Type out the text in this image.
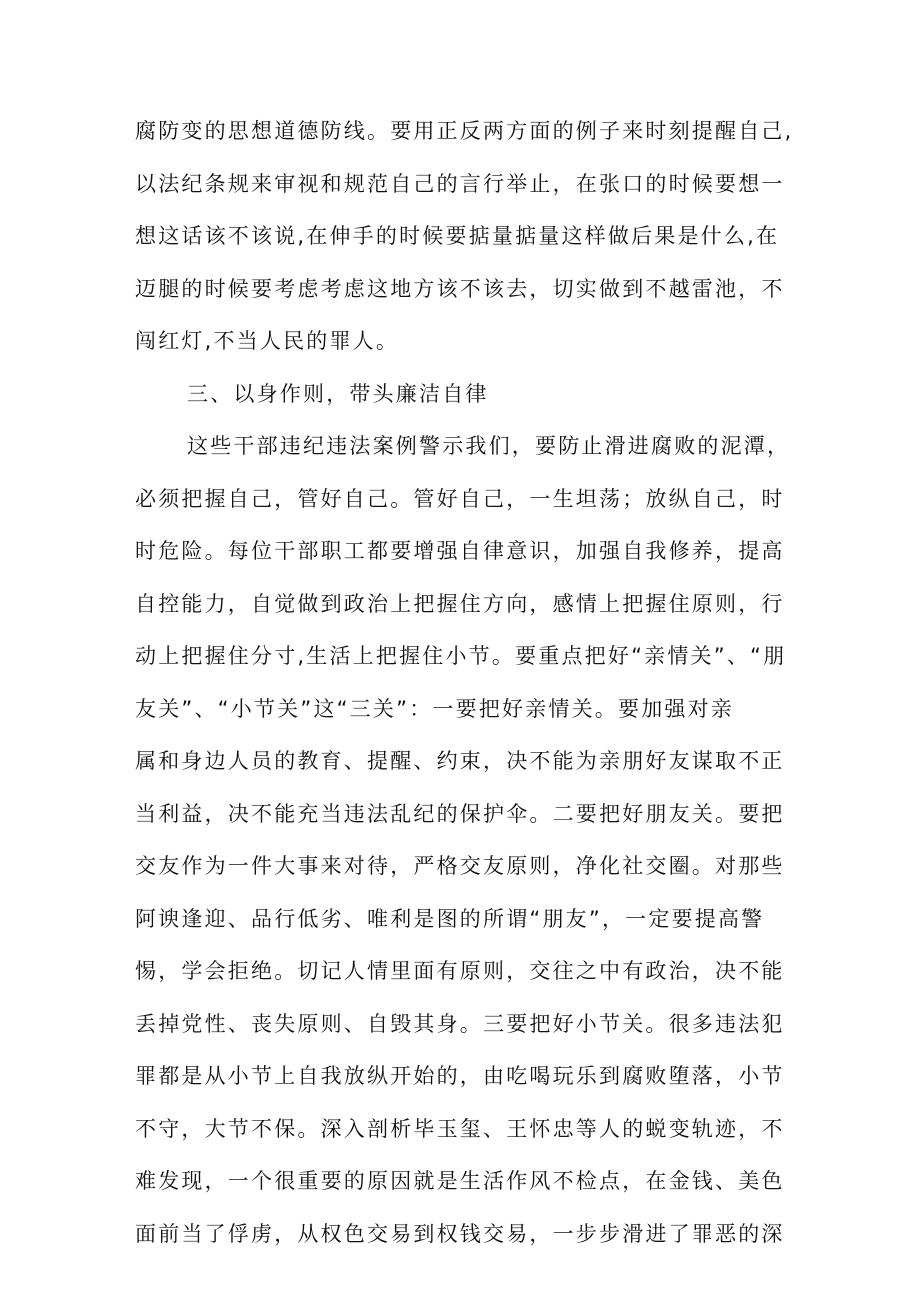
腐防变的思想道德防线。要用正反两方面的例子来时刻提醒自己,
以法纪条规来审视和规范自己的言行举止，在张口的时候要想一
想这话该不该说,在伸手的时候要掂量掂量这样做后果是什么,在
迈腿的时候要考虑考虑这地方该不该去，切实做到不越雷池，不
闯红灯,不当人民的罪人。
三、以身作则，带头廉洁自律
这些干部违纪违法案例警示我们，要防止滑进腐败的泥潭，
必须把握自己，管好自己。管好自己，一生坦荡；放纵自己，时
时危险。每位干部职工都要增强自律意识，加强自我修养，提高
自控能力，自觉做到政治上把握住方向，感情上把握住原则，行
动上把握住分寸,生活上把握住小节。要重点把好“亲情关”、“朋
友关”、“小节关”这“三关”：一要把好亲情关。要加强对亲
属和身边人员的教育、提醒、约束，决不能为亲朋好友谋取不正
当利益，决不能充当违法乱纪的保护伞。二要把好朋友关。要把
交友作为一件大事来对待，严格交友原则，净化社交圈。对那些
阿谀逢迎、品行低劣、唯利是图的所谓“朋友”，一定要提高警
惕，学会拒绝。切记人情里面有原则，交往之中有政治，决不能
丢掉党性、丧失原则、自毁其身。三要把好小节关。很多违法犯
罪都是从小节上自我放纵开始的，由吃喝玩乐到腐败堕落，小节
不守，大节不保。深入剖析毕玉玺、王怀忠等人的蜕变轨迹，不
难发现，一个很重要的原因就是生活作风不检点，在金钱、美色
面前当了俘虏，从权色交易到权钱交易，一步步滑进了罪恶的深
